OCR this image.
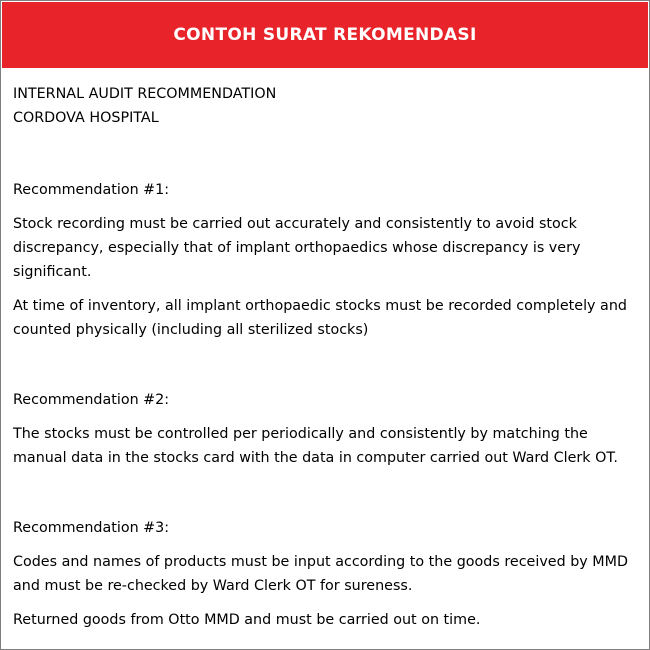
CONTOH SURAT REKOMENDASI

INTERNAL AUDIT RECOMMENDATION

CORDOVA HOSPITAL

Recommendation #1:

Stock recording must be carried out accurately and consistently to avoid stock discrepancy, especially that of implant orthopaedics whose discrepancy is very significant.

At time of inventory, all implant orthopaedic stocks must be recorded completely and counted physically (including all sterilized stocks)

Recommendation #2:

The stocks must be controlled per periodically and consistently by matching the manual data in the stocks card with the data in computer carried out Ward Clerk OT.

Recommendation #3:

Codes and names of products must be input according to the goods received by MMD and must be re-checked by Ward Clerk OT for sureness.

Returned goods from Otto MMD and must be carried out on time.
